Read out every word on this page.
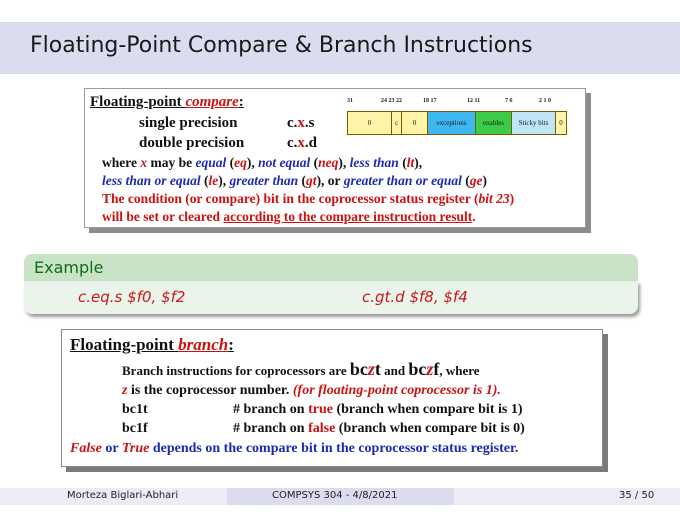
Floating-Point Compare & Branch Instructions
Floating-point compare:
single precision	c.x.s
double precision	c.x.d
31	24 23 22	18 17	12 11	7 6	2 1 0
0	c	0	exceptions	enables	Sticky bits	0
where x may be equal (eq), not equal (neq), less than (lt),
less than or equal (le), greater than (gt), or greater than or equal (ge)
The condition (or compare) bit in the coprocessor status register (bit 23)
will be set or cleared according to the compare instruction result.
Example
c.eq.s $f0, $f2	c.gt.d $f8, $f4
Floating-point branch:
Branch instructions for coprocessors are bczt and bczf, where
z is the coprocessor number. (for floating-point coprocessor is 1).
bc1t	# branch on true (branch when compare bit is 1)
bc1f	# branch on false (branch when compare bit is 0)
False or True depends on the compare bit in the coprocessor status register.
Morteza Biglari-Abhari	COMPSYS 304 - 4/8/2021	35 / 50
